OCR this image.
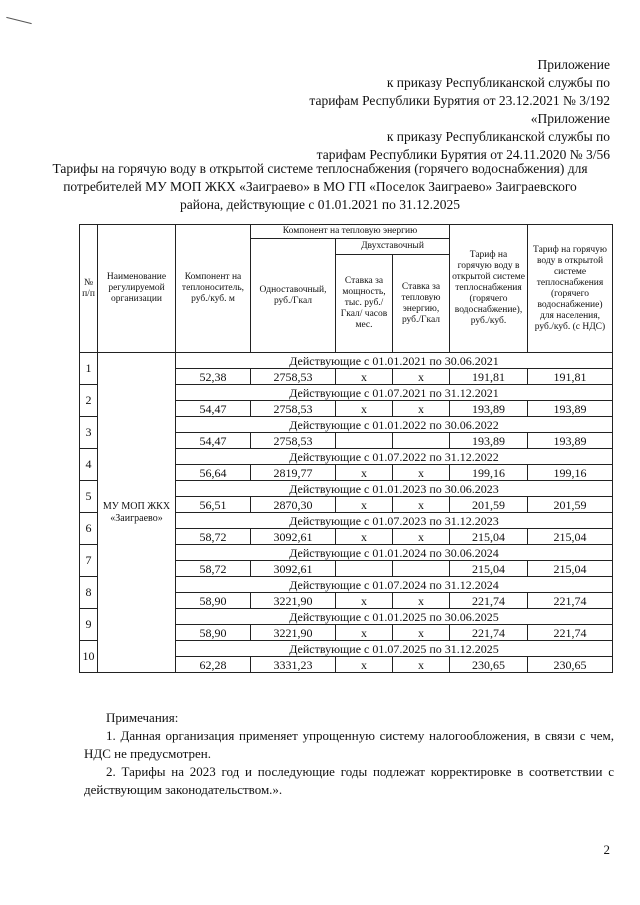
Приложение
к приказу Республиканской службы по
тарифам Республики Бурятия от 23.12.2021 № 3/192
«Приложение
к приказу Республиканской службы по
тарифам Республики Бурятия от 24.11.2020 № 3/56
Тарифы на горячую воду в открытой системе теплоснабжения (горячего водоснабжения) для
потребителей МУ МОП ЖКХ «Заиграево» в МО ГП «Поселок Заиграево» Заиграевского
района, действующие с 01.01.2021 по 31.12.2025
№ п/п	Наименование регулируемой организации	Компонент на теплоноситель, руб./куб. м	Компонент на тепловую энергию			Тариф на горячую воду в открытой системе теплоснабжения (горячего водоснабжение), руб./куб.	Тариф на горячую воду в открытой системе теплоснабжения (горячего водоснабжение) для населения, руб./куб. (с НДС)
			Одноставочный, руб./Гкал	Двухставочный			
				Ставка за мощность, тыс. руб./Гкал/ часов мес.	Ставка за тепловую энергию, руб./Гкал		
1	МУ МОП ЖКХ «Заиграево»	Действующие с 01.01.2021 по 30.06.2021					
		52,38	2758,53	x	x	191,81	191,81
2		Действующие с 01.07.2021 по 31.12.2021					
		54,47	2758,53	x	x	193,89	193,89
3		Действующие с 01.01.2022 по 30.06.2022					
		54,47	2758,53			193,89	193,89
4		Действующие с 01.07.2022 по 31.12.2022					
		56,64	2819,77	x	x	199,16	199,16
5		Действующие с 01.01.2023 по 30.06.2023					
		56,51	2870,30	x	x	201,59	201,59
6		Действующие с 01.07.2023 по 31.12.2023					
		58,72	3092,61	x	x	215,04	215,04
7		Действующие с 01.01.2024 по 30.06.2024					
		58,72	3092,61			215,04	215,04
8		Действующие с 01.07.2024 по 31.12.2024					
		58,90	3221,90	x	x	221,74	221,74
9		Действующие с 01.01.2025 по 30.06.2025					
		58,90	3221,90	x	x	221,74	221,74
10		Действующие с 01.07.2025 по 31.12.2025					
		62,28	3331,23	x	x	230,65	230,65

Примечания:

1. Данная организация применяет упрощенную систему налогообложения, в связи с чем, НДС не предусмотрен.

2. Тарифы на 2023 год и последующие годы подлежат корректировке в соответствии с действующим законодательством.».

2
